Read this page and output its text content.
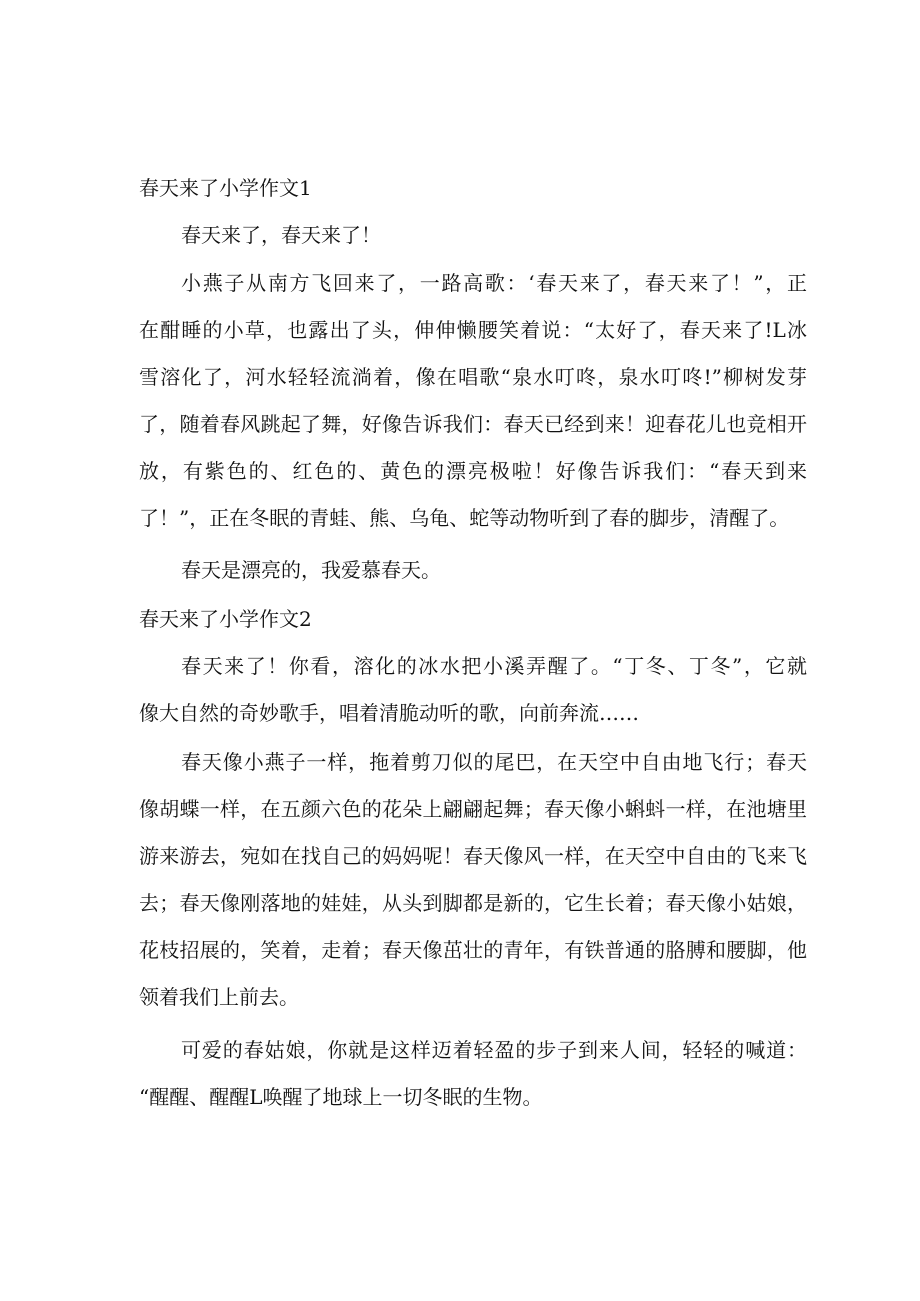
春天来了小学作文1
春天来了，春天来了！
小燕子从南方飞回来了，一路高歌：‘春天来了，春天来了！”，正
在酣睡的小草，也露出了头，伸伸懒腰笑着说：“太好了，春天来了!L冰
雪溶化了，河水轻轻流淌着，像在唱歌“泉水叮咚，泉水叮咚!”柳树发芽
了，随着春风跳起了舞，好像告诉我们：春天已经到来！迎春花儿也竞相开
放，有紫色的、红色的、黄色的漂亮极啦！好像告诉我们：“春天到来
了！”，正在冬眠的青蛙、熊、乌龟、蛇等动物听到了春的脚步，清醒了。
春天是漂亮的，我爱慕春天。
春天来了小学作文2
春天来了！你看，溶化的冰水把小溪弄醒了。“丁冬、丁冬”，它就
像大自然的奇妙歌手，唱着清脆动听的歌，向前奔流……
春天像小燕子一样，拖着剪刀似的尾巴，在天空中自由地飞行；春天
像胡蝶一样，在五颜六色的花朵上翩翩起舞；春天像小蝌蚪一样，在池塘里
游来游去，宛如在找自己的妈妈呢！春天像风一样，在天空中自由的飞来飞
去；春天像刚落地的娃娃，从头到脚都是新的，它生长着；春天像小姑娘，
花枝招展的，笑着，走着；春天像茁壮的青年，有铁普通的胳膊和腰脚，他
领着我们上前去。
可爱的春姑娘，你就是这样迈着轻盈的步子到来人间，轻轻的喊道：
“醒醒、醒醒L唤醒了地球上一切冬眠的生物。
